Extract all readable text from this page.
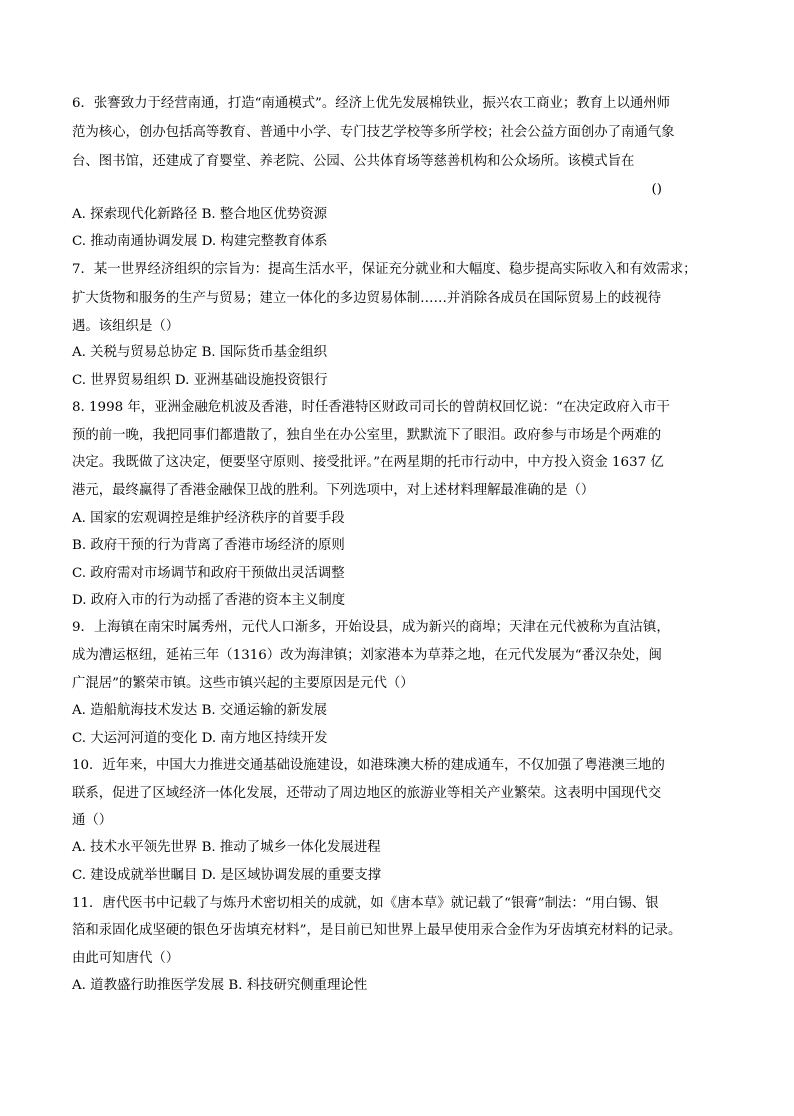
6．张謇致力于经营南通，打造“南通模式”。经济上优先发展棉铁业，振兴农工商业；教育上以通州师
范为核心，创办包括高等教育、普通中小学、专门技艺学校等多所学校；社会公益方面创办了南通气象
台、图书馆，还建成了育婴堂、养老院、公园、公共体育场等慈善机构和公众场所。该模式旨在
()
A. 探索现代化新路径 B. 整合地区优势资源
C. 推动南通协调发展 D. 构建完整教育体系
7．某一世界经济组织的宗旨为：提高生活水平，保证充分就业和大幅度、稳步提高实际收入和有效需求；
扩大货物和服务的生产与贸易；建立一体化的多边贸易体制……并消除各成员在国际贸易上的歧视待
遇。该组织是（）
A. 关税与贸易总协定 B. 国际货币基金组织
C. 世界贸易组织 D. 亚洲基础设施投资银行
8. 1998 年，亚洲金融危机波及香港，时任香港特区财政司司长的曾荫权回忆说：“在决定政府入市干
预的前一晚，我把同事们都遣散了，独自坐在办公室里，默默流下了眼泪。政府参与市场是个两难的
决定。我既做了这决定，便要坚守原则、接受批评。”在两星期的托市行动中，中方投入资金 1637 亿
港元，最终赢得了香港金融保卫战的胜利。下列选项中，对上述材料理解最准确的是（）
A. 国家的宏观调控是维护经济秩序的首要手段
B. 政府干预的行为背离了香港市场经济的原则
C. 政府需对市场调节和政府干预做出灵活调整
D. 政府入市的行为动摇了香港的资本主义制度
9．上海镇在南宋时属秀州，元代人口渐多，开始设县，成为新兴的商埠；天津在元代被称为直沽镇，
成为漕运枢纽，延祐三年（1316）改为海津镇；刘家港本为草莽之地，在元代发展为“番汉杂处，闽
广混居”的繁荣市镇。这些市镇兴起的主要原因是元代（）
A. 造船航海技术发达 B. 交通运输的新发展
C. 大运河河道的变化 D. 南方地区持续开发
10．近年来，中国大力推进交通基础设施建设，如港珠澳大桥的建成通车，不仅加强了粤港澳三地的
联系，促进了区域经济一体化发展，还带动了周边地区的旅游业等相关产业繁荣。这表明中国现代交
通（）
A. 技术水平领先世界 B. 推动了城乡一体化发展进程
C. 建设成就举世瞩目 D. 是区域协调发展的重要支撑
11．唐代医书中记载了与炼丹术密切相关的成就，如《唐本草》就记载了“银膏”制法：“用白锡、银
箔和汞固化成坚硬的银色牙齿填充材料”，是目前已知世界上最早使用汞合金作为牙齿填充材料的记录。
由此可知唐代（）
A. 道教盛行助推医学发展 B. 科技研究侧重理论性
